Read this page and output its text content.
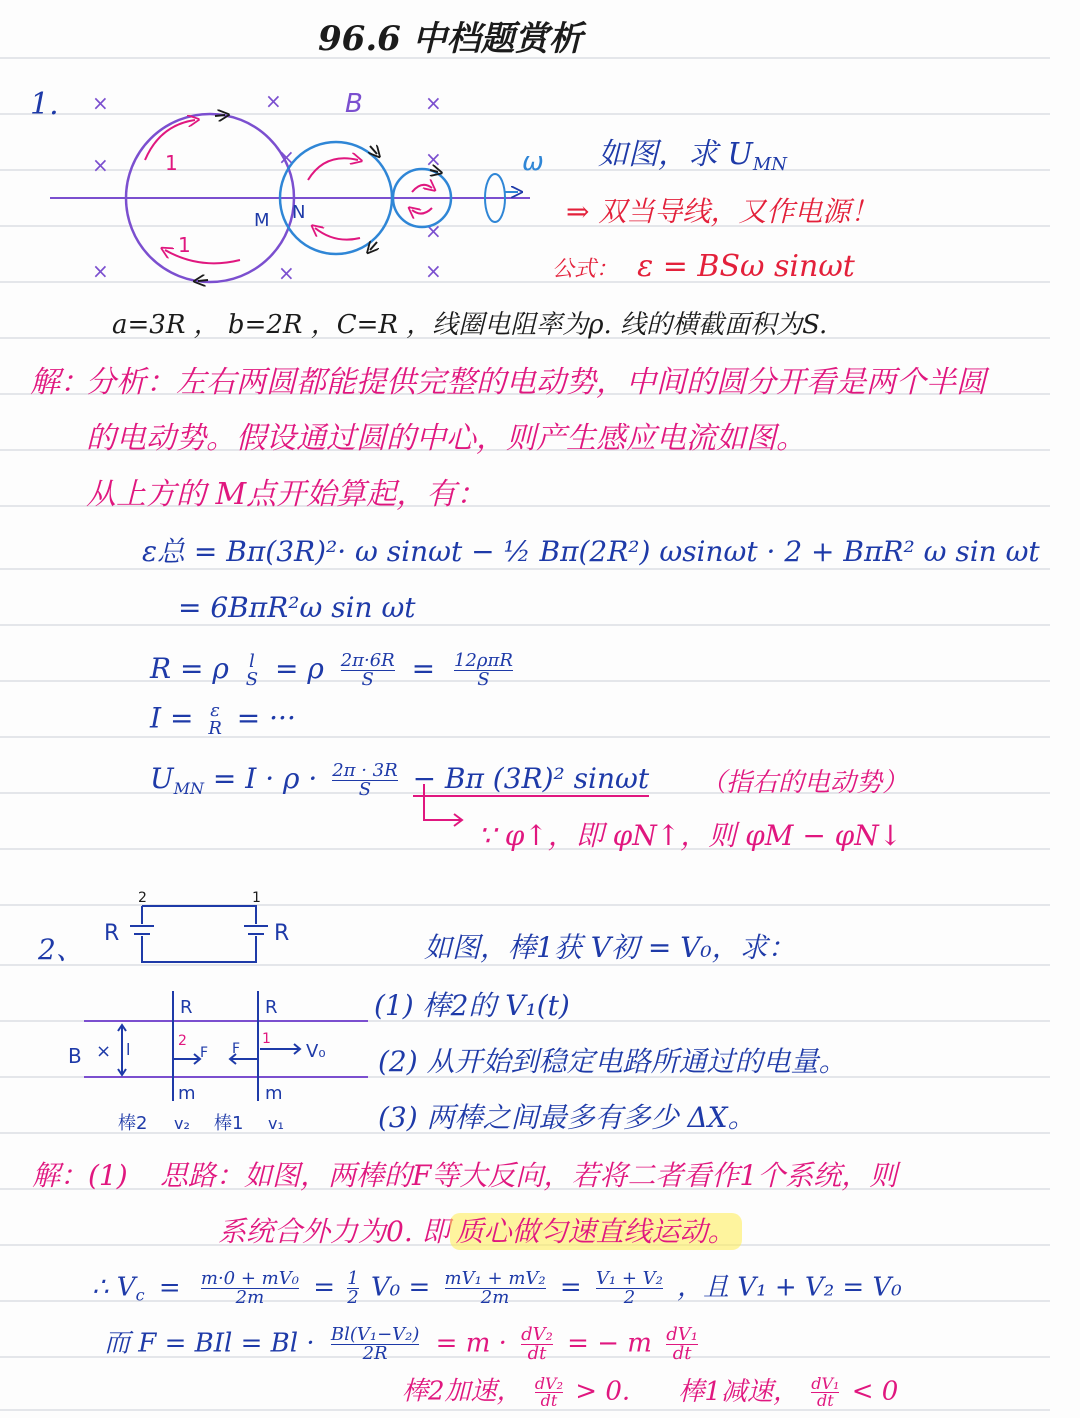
96.6 中档题赏析
1. ×	×	×
×	×	×
×	×	×
×
B
1
1
M N
ω 如图，求 $U_{MN}$
⇒ 双当导线，又作电源！
公式： ε = BSω sinωt
a=3R ， b=2R ，C=R ，线圈电阻率为ρ. 线的横截面积为S.
解：
分析：左右两圆都能提供完整的电动势，中间的圆分开看是两个半圆
的电动势。假设通过圆的中心，则产生感应电流如图。
从上方的 M点开始算起，有：
ε总 = Bπ(3R)²· ω sinωt − ½ Bπ(2R²) ωsinωt · 2 + BπR² ω sin ωt
= 6BπR²ω sin ωt
R = ρ l
S = ρ $\frac{2\pi\cdot 6R}{S} = 12\rho\pi R$
S
I = ε
R = ···
$U_{MN} = I \cdot \rho \cdot \frac{2\pi \cdot 3R}{S} - B\pi$ (3R)² sinωt （指右的电动势）
∵ φ↑，即 φN↑，则 φM − φN↓
2、 R	R
2	1
R	R
B × l	2	1
F F	V₀
m	m
棒2 v₂ 棒1 v₁
如图，棒1获 V初 = V₀，求：
(1) 棒2的 V₁(t)
(2) 从开始到稳定电路所通过的电量。
(3) 两棒之间最多有多少 ΔX。
解：(1) 思路：如图，两棒的F等大反向，若将二者看作1个系统，则
系统合外力为0. 即 质心做匀速直线运动。
∴ $Vc = \frac{\text{m·0 + mV₀}}{2m} = \frac{1}{2} V_0 = \frac{\text{mV₁ + mV₂}}{2m} = \frac{\text{V₁ + V₂}}{2}$ ，且 V₁ + V₂ = V₀
而 F = BIl = $Bl \cdot \frac{\text{Bl(V₁−V₂)}}{2R} = m \cdot \frac{\text{dV₂}}{dt}$ = − m $\frac{\text{dV₁}}{dt}$
棒2加速， $\frac{\text{dV₂}}{dt} > 0$. 棒1减速， $\frac{\text{dV₁}}{dt} < 0$
